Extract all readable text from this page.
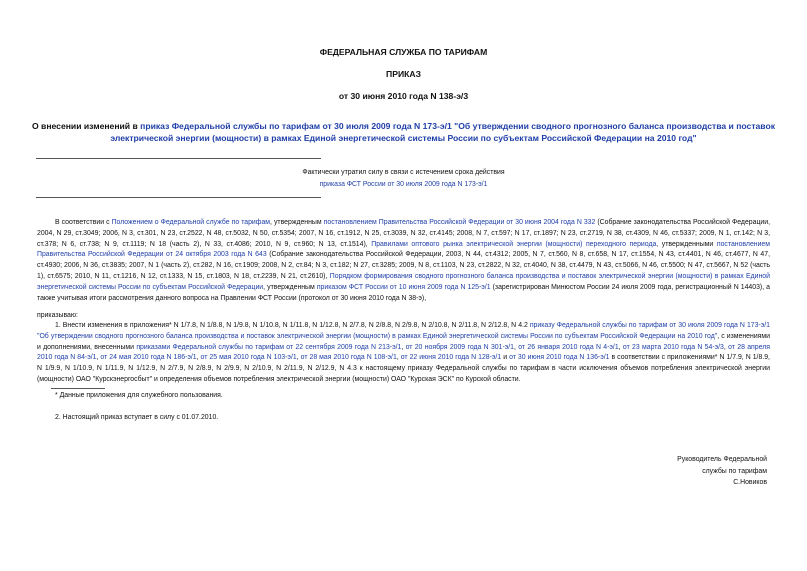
ФЕДЕРАЛЬНАЯ СЛУЖБА ПО ТАРИФАМ
ПРИКАЗ
от 30 июня 2010 года N 138-э/3
О внесении изменений в приказ Федеральной службы по тарифам от 30 июля 2009 года N 173-э/1 "Об утверждении сводного прогнозного баланса производства и поставок электрической энергии (мощности) в рамках Единой энергетической системы России по субъектам Российской Федерации на 2010 год"
Фактически утратил силу в связи с истечением срока действия
приказа ФСТ России от 30 июля 2009 года N 173-э/1
В соответствии с Положением о Федеральной службе по тарифам, утвержденным постановлением Правительства Российской Федерации от 30 июня 2004 года N 332 (Собрание законодательства Российской Федерации, 2004, N 29, ст.3049; 2006, N 3, ст.301, N 23, ст.2522, N 48, ст.5032, N 50, ст.5354; 2007, N 16, ст.1912, N 25, ст.3039, N 32, ст.4145; 2008, N 7, ст.597; N 17, ст.1897; N 23, ст.2719, N 38, ст.4309, N 46, ст.5337; 2009, N 1, ст.142; N 3, ст.378; N 6, ст.738; N 9, ст.1119; N 18 (часть 2), N 33, ст.4086; 2010, N 9, ст.960; N 13, ст.1514), Правилами оптового рынка электрической энергии (мощности) переходного периода, утвержденными постановлением Правительства Российской Федерации от 24 октября 2003 года N 643 (Собрание законодательства Российской Федерации, 2003, N 44, ст.4312; 2005, N 7, ст.560, N 8, ст.658, N 17, ст.1554, N 43, ст.4401, N 46, ст.4677, N 47, ст.4930; 2006, N 36, ст.3835; 2007, N 1 (часть 2), ст.282, N 16, ст.1909; 2008, N 2, ст.84; N 3, ст.182; N 27, ст.3285; 2009, N 8, ст.1103, N 23, ст.2822, N 32, ст.4040, N 38, ст.4479, N 43, ст.5066, N 46, ст.5500; N 47, ст.5667, N 52 (часть 1), ст.6575; 2010, N 11, ст.1216, N 12, ст.1333, N 15, ст.1803, N 18, ст.2239, N 21, ст.2610), Порядком формирования сводного прогнозного баланса производства и поставок электрической энергии (мощности) в рамках Единой энергетической системы России по субъектам Российской Федерации, утвержденным приказом ФСТ России от 10 июня 2009 года N 125-э/1 (зарегистрирован Минюстом России 24 июля 2009 года, регистрационный N 14403), а также учитывая итоги рассмотрения данного вопроса на Правлении ФСТ России (протокол от 30 июня 2010 года N 38-э),
приказываю:
1. Внести изменения в приложения* N 1/7.8, N 1/8.8, N 1/9.8, N 1/10.8, N 1/11.8, N 1/12.8, N 2/7.8, N 2/8.8, N 2/9.8, N 2/10.8, N 2/11.8, N 2/12.8, N 4.2 приказу Федеральной службы по тарифам от 30 июля 2009 года N 173-э/1 "Об утверждении сводного прогнозного баланса производства и поставок электрической энергии (мощности) в рамках Единой энергетической системы России по субъектам Российской Федерации на 2010 год", с изменениями и дополнениями, внесенными приказами Федеральной службы по тарифам от 22 сентября 2009 года N 213-э/1, от 20 ноября 2009 года N 301-э/1, от 26 января 2010 года N 4-э/1, от 23 марта 2010 года N 54-э/3, от 28 апреля 2010 года N 84-э/1, от 24 мая 2010 года N 186-э/1, от 25 мая 2010 года N 103-э/1, от 28 мая 2010 года N 108-э/1, от 22 июня 2010 года N 128-э/1 и от 30 июня 2010 года N 136-э/1 в соответствии с приложениями* N 1/7.9, N 1/8.9, N 1/9.9, N 1/10.9, N 1/11.9, N 1/12.9, N 2/7.9, N 2/8.9, N 2/9.9, N 2/10.9, N 2/11.9, N 2/12.9, N 4.3 к настоящему приказу Федеральной службы по тарифам в части исключения объемов потребления электрической энергии (мощности) ОАО "Курскэнергосбыт" и определения объемов потребления электрической энергии (мощности) ОАО "Курская ЭСК" по Курской области.
* Данные приложения для служебного пользования.
2. Настоящий приказ вступает в силу с 01.07.2010.
Руководитель Федеральной
службы по тарифам
С.Новиков
